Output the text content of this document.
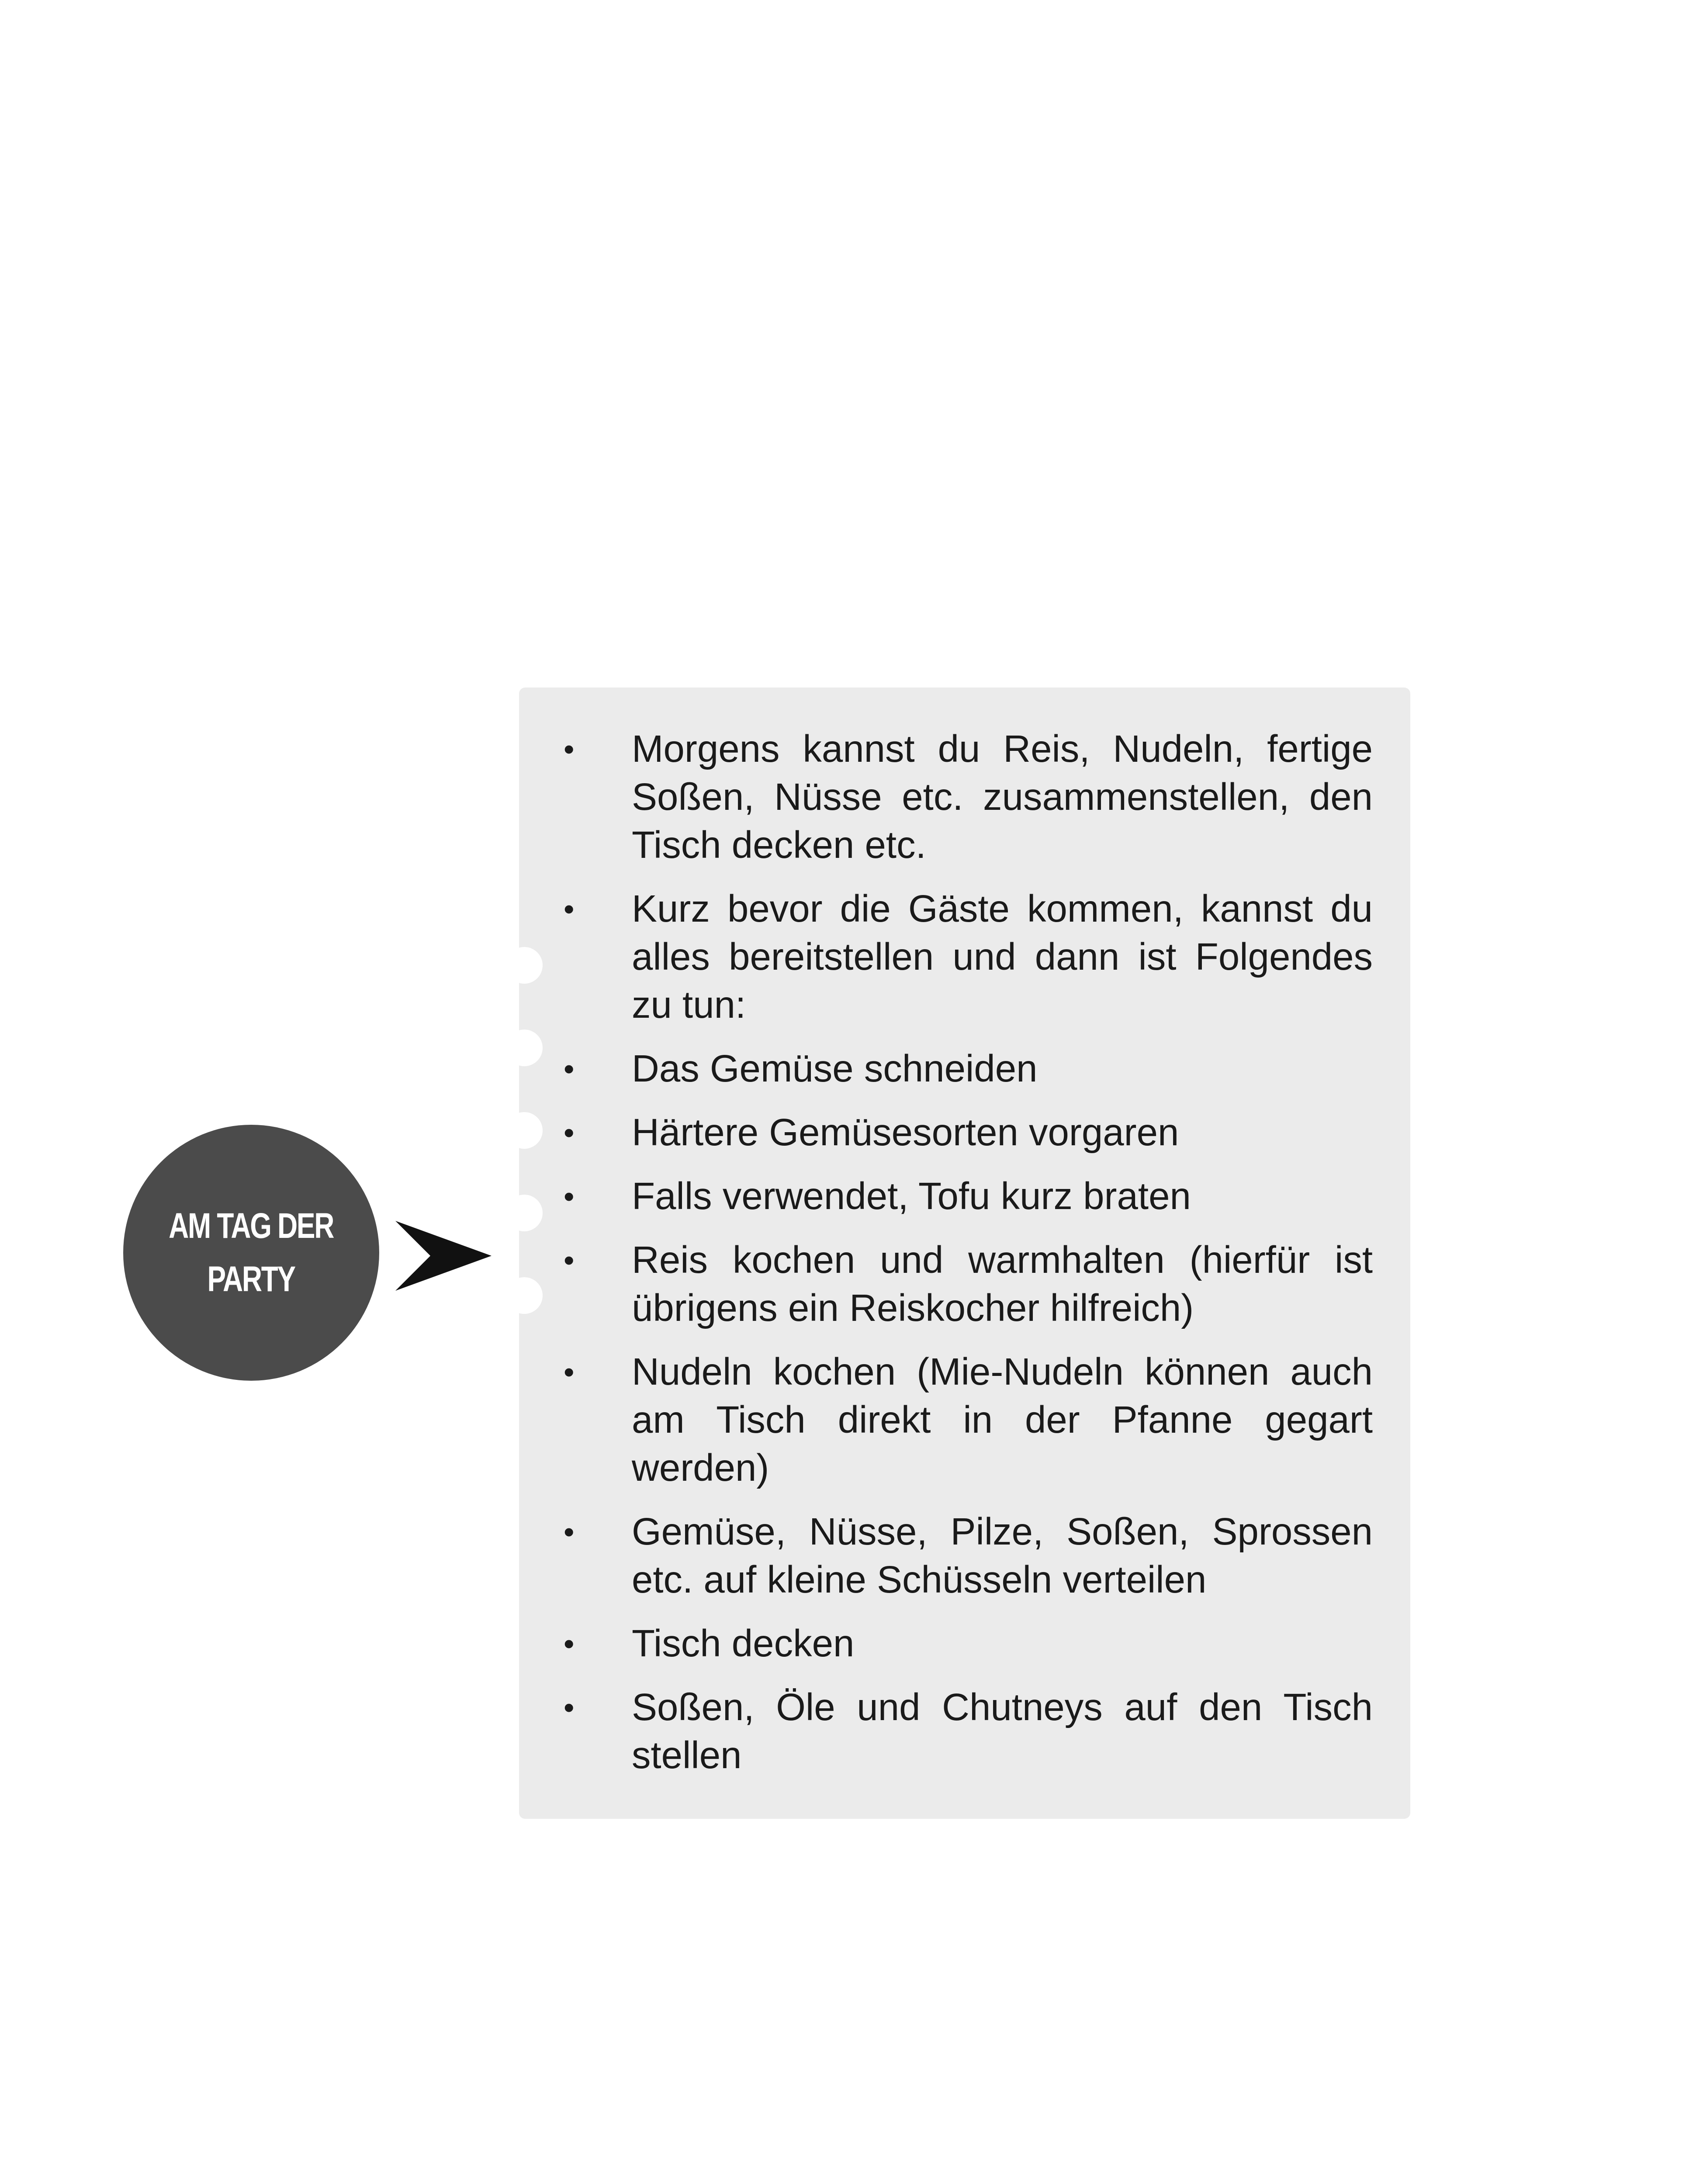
AM TAG DER
PARTY
• Morgens kannst du Reis, Nudeln, fertige Soßen, Nüsse etc. zusammenstellen, den Tisch decken etc.
• Kurz bevor die Gäste kommen, kannst du alles bereitstellen und dann ist Folgendes zu tun:
• Das Gemüse schneiden
• Härtere Gemüsesorten vorgaren
• Falls verwendet, Tofu kurz braten
• Reis kochen und warmhalten (hierfür ist übrigens ein Reiskocher hilfreich)
• Nudeln kochen (Mie-Nudeln können auch am Tisch direkt in der Pfanne gegart werden)
• Gemüse, Nüsse, Pilze, Soßen, Sprossen etc. auf kleine Schüsseln verteilen
• Tisch decken
• Soßen, Öle und Chutneys auf den Tisch stellen
